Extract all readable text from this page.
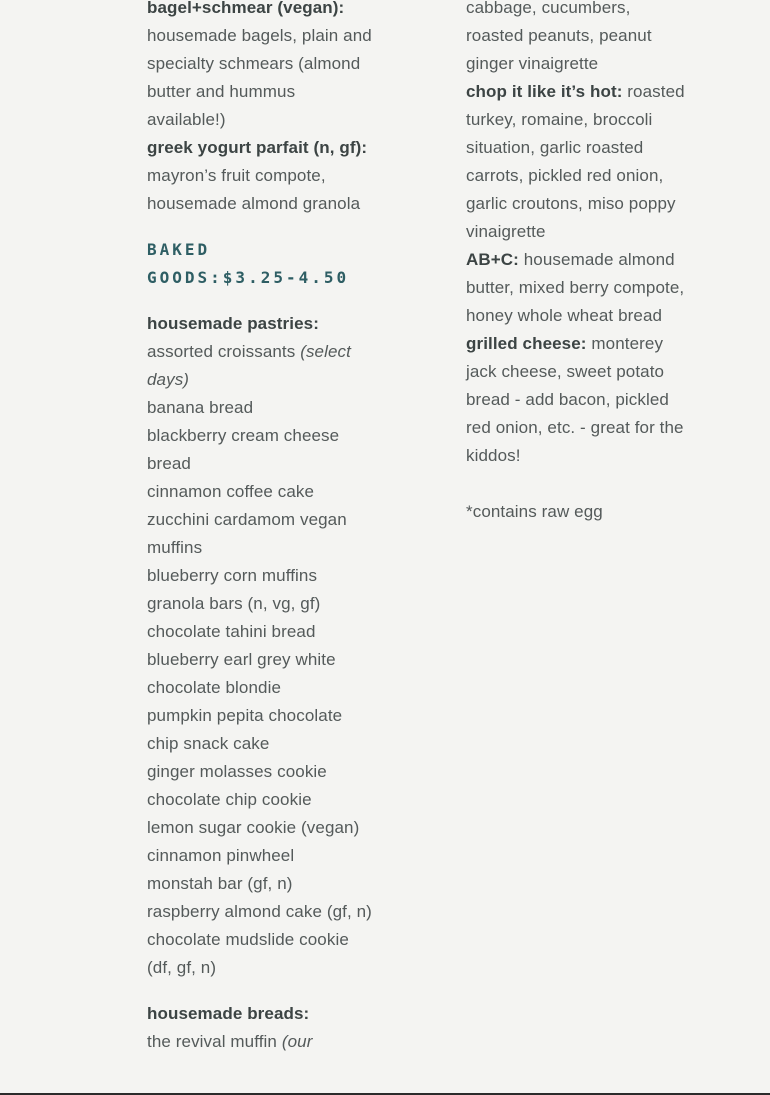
bagel+schmear (vegan): housemade bagels, plain and specialty schmears (almond butter and hummus available!)
greek yogurt parfait (n, gf): mayron’s fruit compote, housemade almond granola
BAKED GOODS:$3.25-4.50
housemade pastries:
assorted croissants (select days)
banana bread
blackberry cream cheese bread
cinnamon coffee cake
zucchini cardamom vegan muffins
blueberry corn muffins
granola bars (n, vg, gf)
chocolate tahini bread
blueberry earl grey white chocolate blondie
pumpkin pepita chocolate chip snack cake
ginger molasses cookie
chocolate chip cookie
lemon sugar cookie (vegan)
cinnamon pinwheel
monstah bar (gf, n)
raspberry almond cake (gf, n)
chocolate mudslide cookie (df, gf, n)
housemade breads:
the revival muffin (our
cabbage, cucumbers, roasted peanuts, peanut ginger vinaigrette
chop it like it’s hot: roasted turkey, romaine, broccoli situation, garlic roasted carrots, pickled red onion, garlic croutons, miso poppy vinaigrette
AB+C: housemade almond butter, mixed berry compote, honey whole wheat bread
grilled cheese: monterey jack cheese, sweet potato bread - add bacon, pickled red onion, etc. - great for the kiddos!
*contains raw egg
